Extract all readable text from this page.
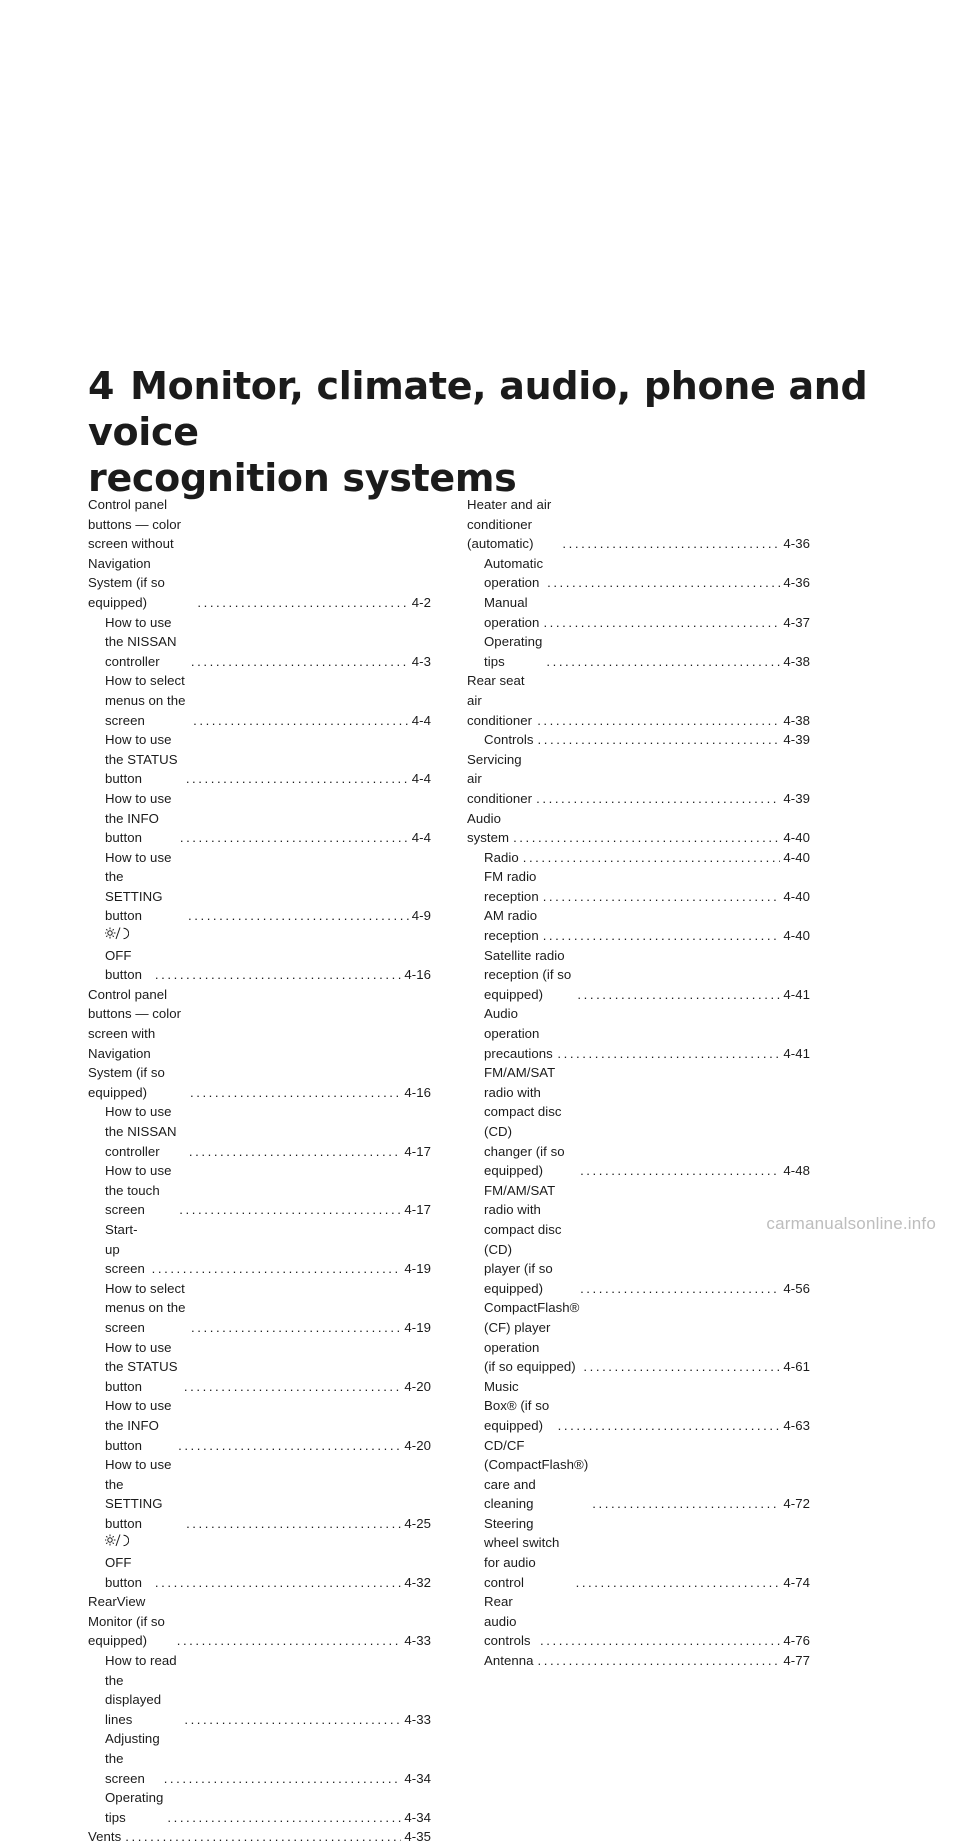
4 Monitor, climate, audio, phone and voice
recognition systems
Control panel buttons — color screen without
Navigation System (if so equipped) . . .	4-2
How to use the NISSAN controller . . .	4-3
How to select menus on the screen . . .	4-4
How to use the STATUS button . . .	4-4
How to use the INFO button . . .	4-4
How to use the SETTING button . . .	4-9
OFF button . . .	4-16
Control panel buttons — color screen with
Navigation System (if so equipped) . . .	4-16
How to use the NISSAN controller . . .	4-17
How to use the touch screen . . .	4-17
Start-up screen . . .	4-19
How to select menus on the screen . . .	4-19
How to use the STATUS button . . .	4-20
How to use the INFO button . . .	4-20
How to use the SETTING button . . .	4-25
OFF button . . .	4-32
RearView Monitor (if so equipped) . . .	4-33
How to read the displayed lines . . .	4-33
Adjusting the screen . . .	4-34
Operating tips . . .	4-34
Vents . . .	4-35
Heater and air conditioner (automatic) . . .	4-36
Automatic operation . . .	4-36
Manual operation . . .	4-37
Operating tips . . .	4-38
Rear seat air conditioner . . .	4-38
Controls . . .	4-39
Servicing air conditioner . . .	4-39
Audio system . . .	4-40
Radio . . .	4-40
FM radio reception . . .	4-40
AM radio reception . . .	4-40
Satellite radio reception (if so equipped) . . .	4-41
Audio operation precautions . . .	4-41
FM/AM/SAT radio with compact disc (CD)
changer (if so equipped) . . .	4-48
FM/AM/SAT radio with compact disc (CD)
player (if so equipped) . . .	4-56
CompactFlash® (CF) player operation
(if so equipped) . . .	4-61
Music Box® (if so equipped) . . .	4-63
CD/CF (CompactFlash®) care and cleaning . . .	4-72
Steering wheel switch for audio control . . .	4-74
Rear audio controls . . .	4-76
Antenna . . .	4-77
carmanualsonline.info
